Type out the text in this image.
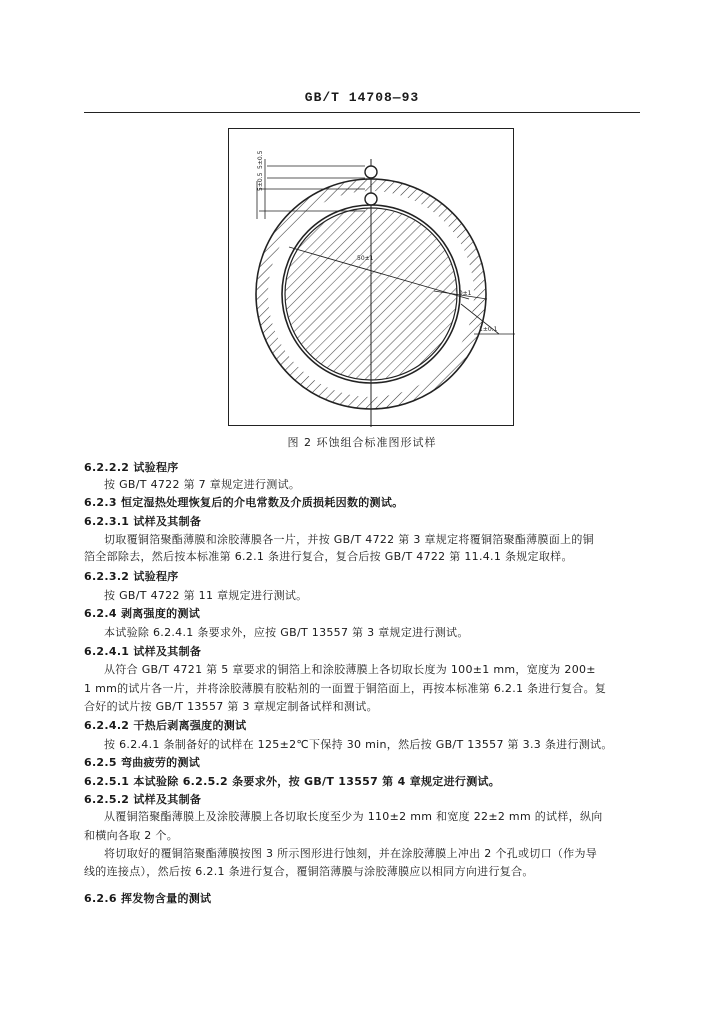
GB/T 14708—93
5±0.5
5±0.5
50±1
10±1
1±0.1
图 2 环蚀组合标准图形试样
6.2.2.2 试验程序
按 GB/T 4722 第 7 章规定进行测试。
6.2.3 恒定湿热处理恢复后的介电常数及介质损耗因数的测试。
6.2.3.1 试样及其制备
切取覆铜箔聚酯薄膜和涂胶薄膜各一片，并按 GB/T 4722 第 3 章规定将覆铜箔聚酯薄膜面上的铜
箔全部除去，然后按本标准第 6.2.1 条进行复合，复合后按 GB/T 4722 第 11.4.1 条规定取样。
6.2.3.2 试验程序
按 GB/T 4722 第 11 章规定进行测试。
6.2.4 剥离强度的测试
本试验除 6.2.4.1 条要求外，应按 GB/T 13557 第 3 章规定进行测试。
6.2.4.1 试样及其制备
从符合 GB/T 4721 第 5 章要求的铜箔上和涂胶薄膜上各切取长度为 100±1 mm，宽度为 200±
1 mm的试片各一片，并将涂胶薄膜有胶粘剂的一面置于铜箔面上，再按本标准第 6.2.1 条进行复合。复
合好的试片按 GB/T 13557 第 3 章规定制备试样和测试。
6.2.4.2 干热后剥离强度的测试
按 6.2.4.1 条制备好的试样在 125±2℃下保持 30 min，然后按 GB/T 13557 第 3.3 条进行测试。
6.2.5 弯曲疲劳的测试
6.2.5.1 本试验除 6.2.5.2 条要求外，按 GB/T 13557 第 4 章规定进行测试。
6.2.5.2 试样及其制备
从覆铜箔聚酯薄膜上及涂胶薄膜上各切取长度至少为 110±2 mm 和宽度 22±2 mm 的试样，纵向
和横向各取 2 个。
将切取好的覆铜箔聚酯薄膜按图 3 所示图形进行蚀刻，并在涂胶薄膜上冲出 2 个孔或切口（作为导
线的连接点），然后按 6.2.1 条进行复合，覆铜箔薄膜与涂胶薄膜应以相同方向进行复合。
6.2.6 挥发物含量的测试
